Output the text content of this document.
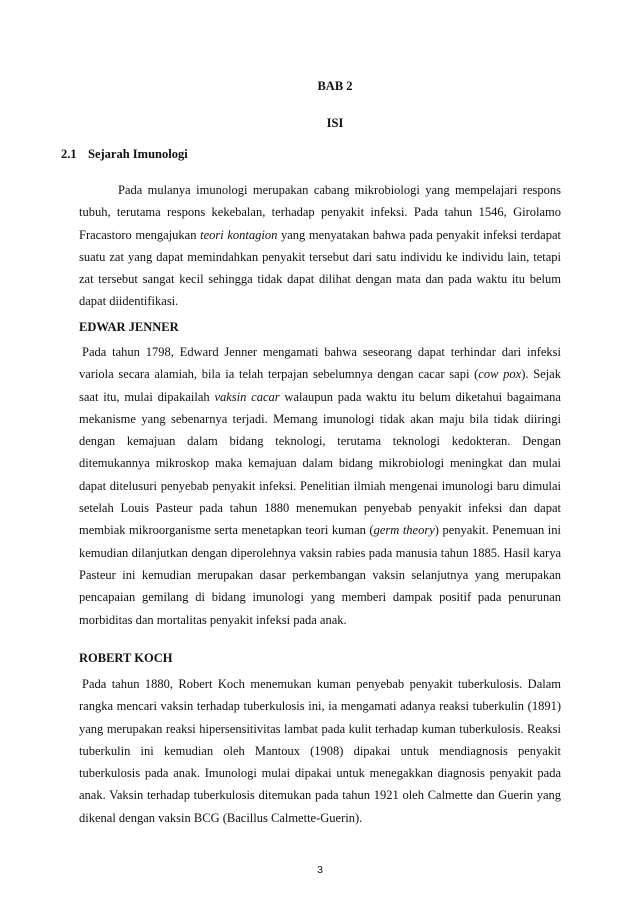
BAB 2
ISI
2.1 Sejarah Imunologi
Pada mulanya imunologi merupakan cabang mikrobiologi yang mempelajari respons tubuh, terutama respons kekebalan, terhadap penyakit infeksi. Pada tahun 1546, Girolamo Fracastoro mengajukan teori kontagion yang menyatakan bahwa pada penyakit infeksi terdapat suatu zat yang dapat memindahkan penyakit tersebut dari satu individu ke individu lain, tetapi zat tersebut sangat kecil sehingga tidak dapat dilihat dengan mata dan pada waktu itu belum dapat diidentifikasi.
EDWAR JENNER
Pada tahun 1798, Edward Jenner mengamati bahwa seseorang dapat terhindar dari infeksi variola secara alamiah, bila ia telah terpajan sebelumnya dengan cacar sapi (cow pox). Sejak saat itu, mulai dipakailah vaksin cacar walaupun pada waktu itu belum diketahui bagaimana mekanisme yang sebenarnya terjadi. Memang imunologi tidak akan maju bila tidak diiringi dengan kemajuan dalam bidang teknologi, terutama teknologi kedokteran. Dengan ditemukannya mikroskop maka kemajuan dalam bidang mikrobiologi meningkat dan mulai dapat ditelusuri penyebab penyakit infeksi. Penelitian ilmiah mengenai imunologi baru dimulai setelah Louis Pasteur pada tahun 1880 menemukan penyebab penyakit infeksi dan dapat membiak mikroorganisme serta menetapkan teori kuman (germ theory) penyakit. Penemuan ini kemudian dilanjutkan dengan diperolehnya vaksin rabies pada manusia tahun 1885. Hasil karya Pasteur ini kemudian merupakan dasar perkembangan vaksin selanjutnya yang merupakan pencapaian gemilang di bidang imunologi yang memberi dampak positif pada penurunan morbiditas dan mortalitas penyakit infeksi pada anak.
ROBERT KOCH
Pada tahun 1880, Robert Koch menemukan kuman penyebab penyakit tuberkulosis. Dalam rangka mencari vaksin terhadap tuberkulosis ini, ia mengamati adanya reaksi tuberkulin (1891) yang merupakan reaksi hipersensitivitas lambat pada kulit terhadap kuman tuberkulosis. Reaksi tuberkulin ini kemudian oleh Mantoux (1908) dipakai untuk mendiagnosis penyakit tuberkulosis pada anak. Imunologi mulai dipakai untuk menegakkan diagnosis penyakit pada anak. Vaksin terhadap tuberkulosis ditemukan pada tahun 1921 oleh Calmette dan Guerin yang dikenal dengan vaksin BCG (Bacillus Calmette-Guerin).
3
